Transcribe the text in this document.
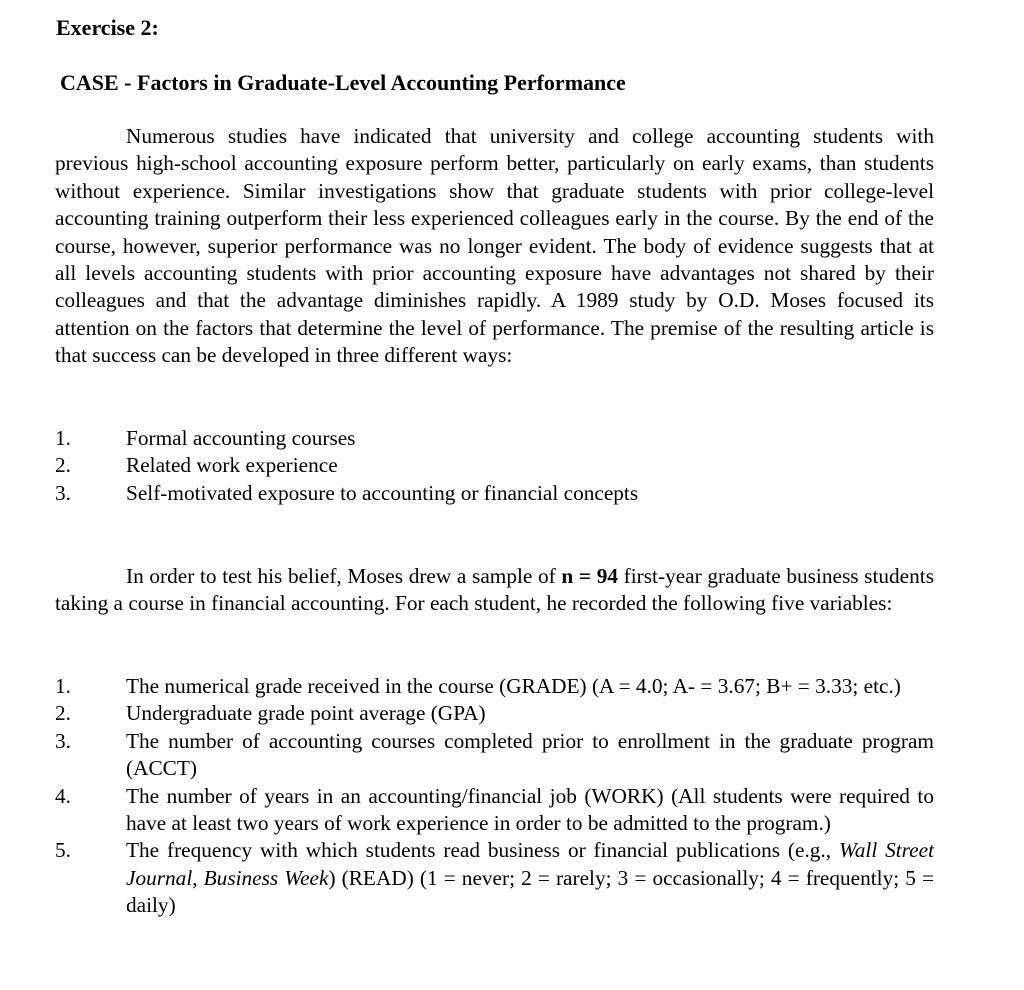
Exercise 2:
CASE - Factors in Graduate-Level Accounting Performance

Numerous studies have indicated that university and college accounting students with previous high-school accounting exposure perform better, particularly on early exams, than students without experience. Similar investigations show that graduate students with prior college-level accounting training outperform their less experienced colleagues early in the course. By the end of the course, however, superior performance was no longer evident. The body of evidence suggests that at all levels accounting students with prior accounting exposure have advantages not shared by their colleagues and that the advantage diminishes rapidly. A 1989 study by O.D. Moses focused its attention on the factors that determine the level of performance. The premise of the resulting article is that success can be developed in three different ways:

1.	Formal accounting courses
2.	Related work experience
3.	Self-motivated exposure to accounting or financial concepts

In order to test his belief, Moses drew a sample of n = 94 first-year graduate business students taking a course in financial accounting. For each student, he recorded the following five variables:

1.	The numerical grade received in the course (GRADE) (A = 4.0; A- = 3.67; B+ = 3.33; etc.)
2.	Undergraduate grade point average (GPA)
3.	The number of accounting courses completed prior to enrollment in the graduate program (ACCT)
4.	The number of years in an accounting/financial job (WORK) (All students were required to have at least two years of work experience in order to be admitted to the program.)
5.	The frequency with which students read business or financial publications (e.g., Wall Street Journal, Business Week) (READ) (1 = never; 2 = rarely; 3 = occasionally; 4 = frequently; 5 = daily)
